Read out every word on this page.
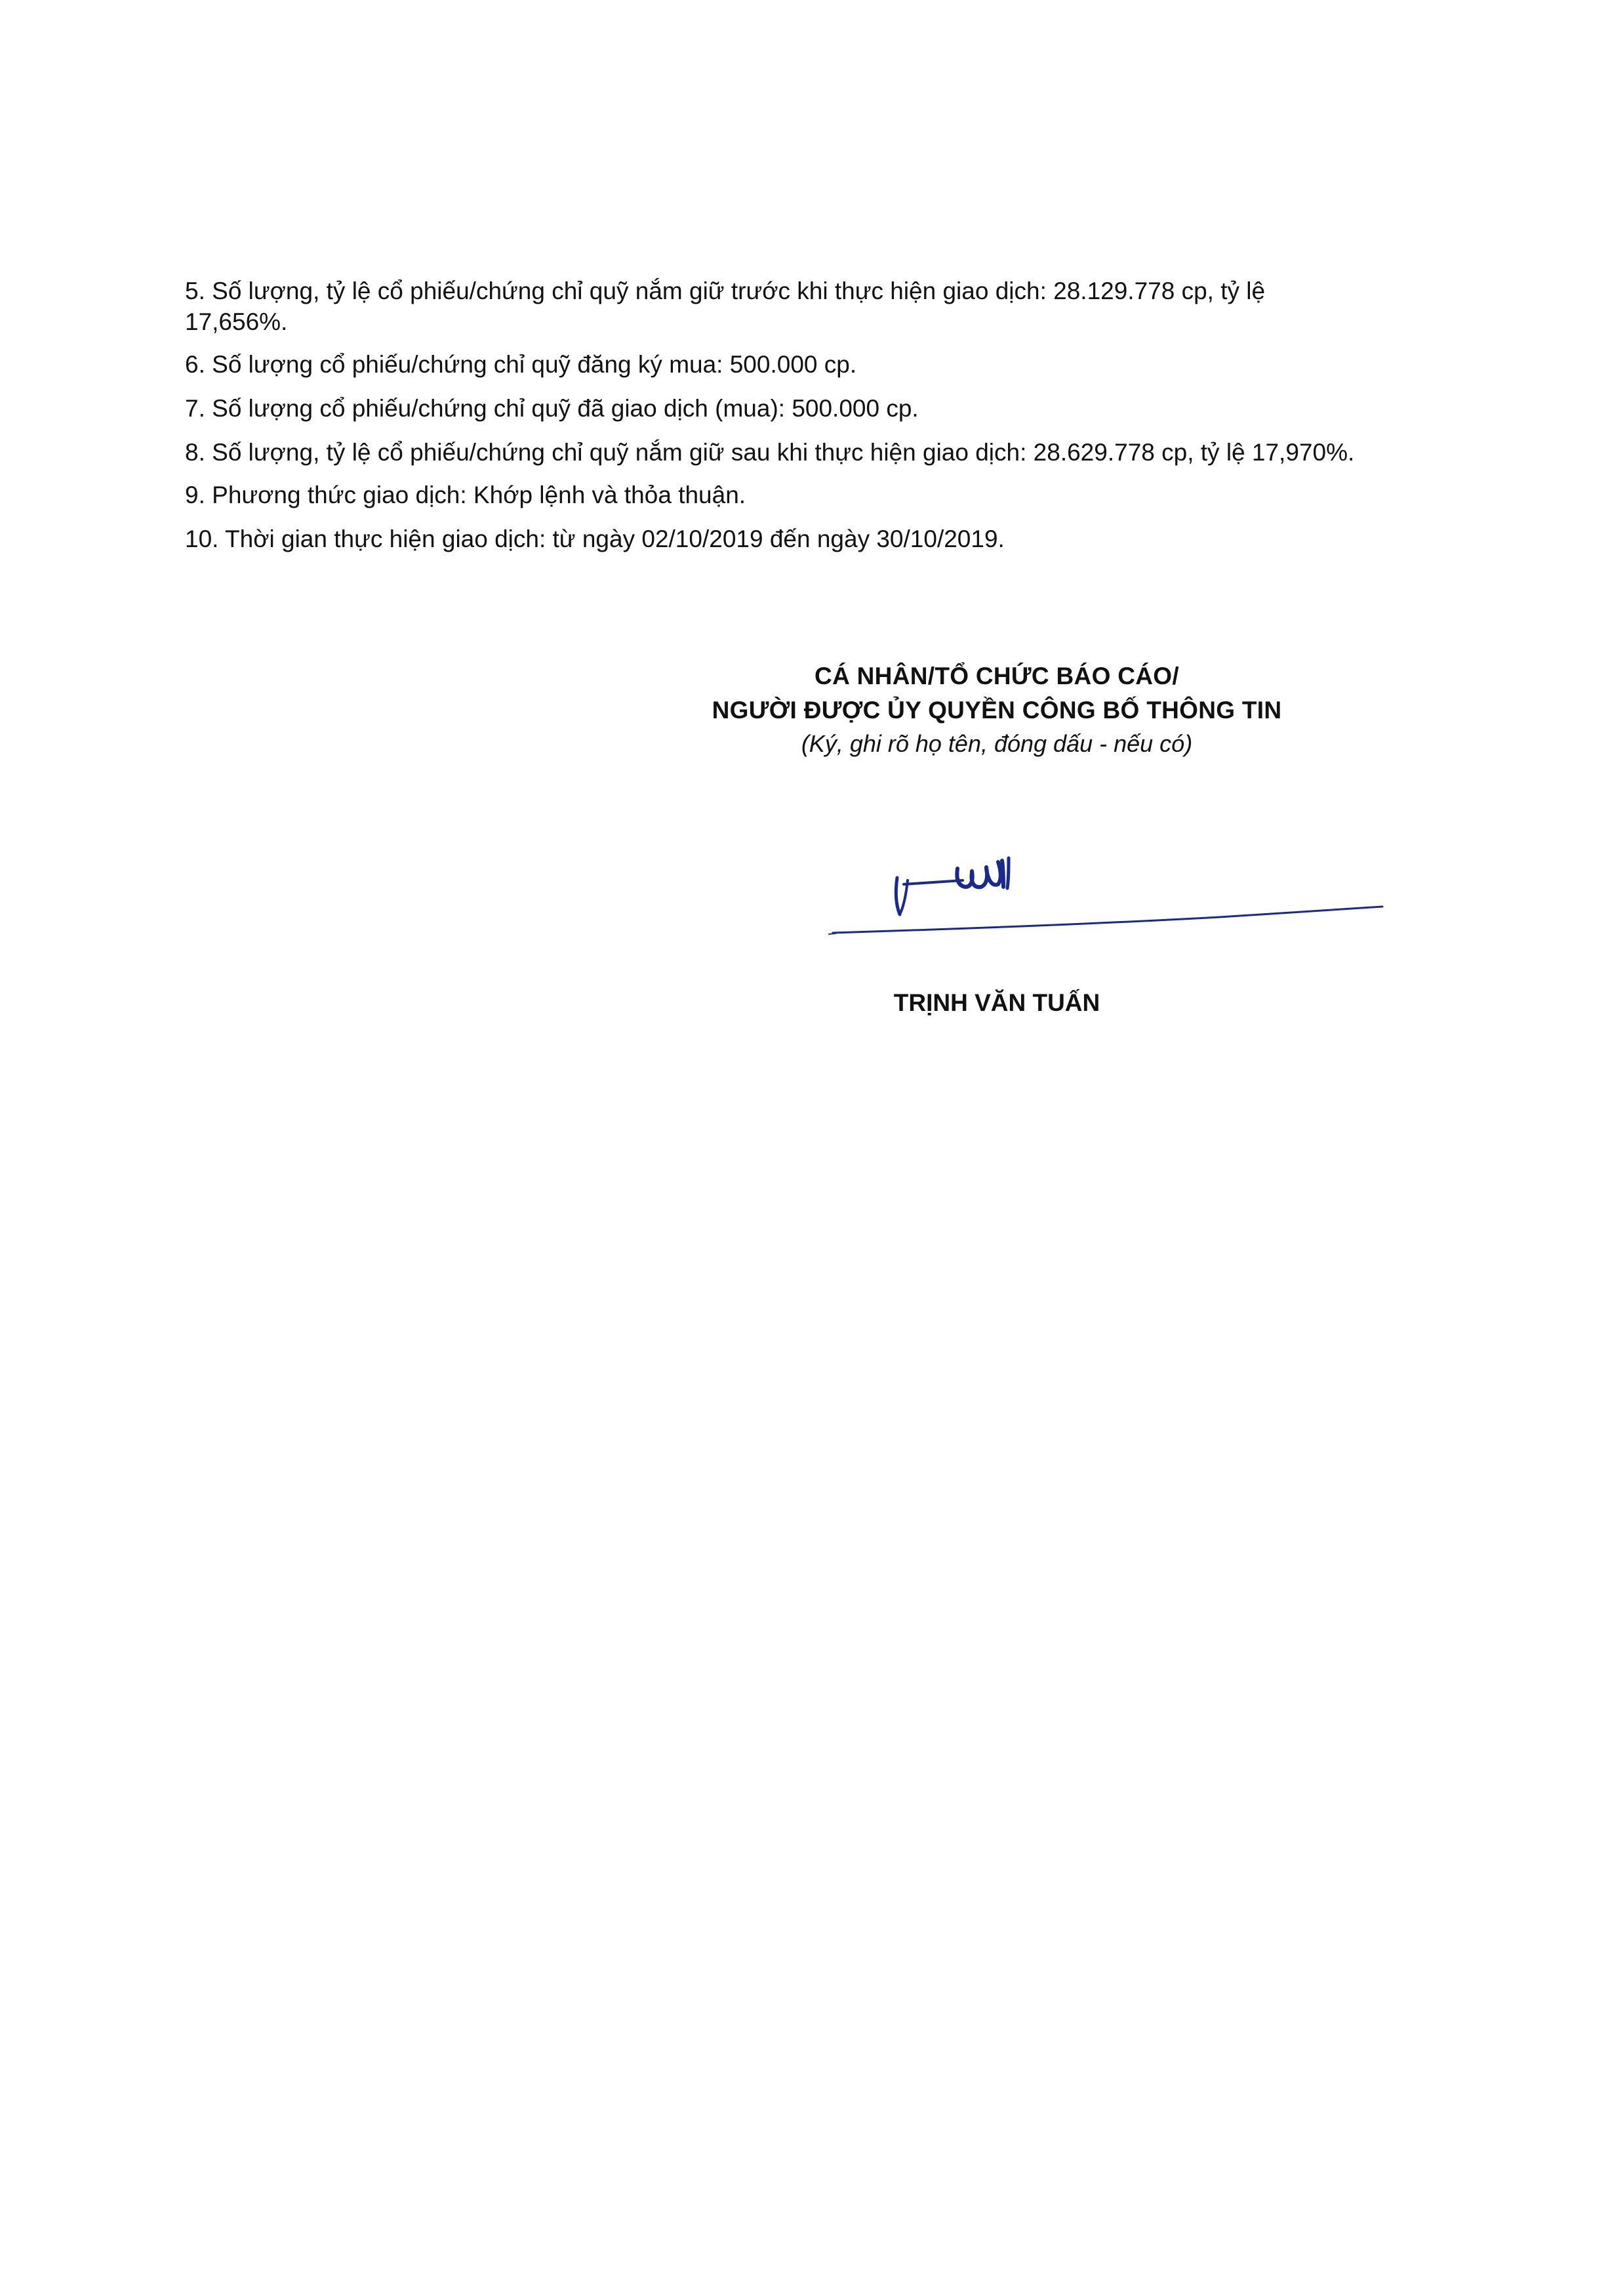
5. Số lượng, tỷ lệ cổ phiếu/chứng chỉ quỹ nắm giữ trước khi thực hiện giao dịch: 28.129.778 cp, tỷ lệ 17,656%.

6. Số lượng cổ phiếu/chứng chỉ quỹ đăng ký mua: 500.000 cp.

7. Số lượng cổ phiếu/chứng chỉ quỹ đã giao dịch (mua): 500.000 cp.

8. Số lượng, tỷ lệ cổ phiếu/chứng chỉ quỹ nắm giữ sau khi thực hiện giao dịch: 28.629.778 cp, tỷ lệ 17,970%.

9. Phương thức giao dịch: Khớp lệnh và thỏa thuận.

10. Thời gian thực hiện giao dịch: từ ngày 02/10/2019 đến ngày 30/10/2019.

CÁ NHÂN/TỔ CHỨC BÁO CÁO/
NGƯỜI ĐƯỢC ỦY QUYỀN CÔNG BỐ THÔNG TIN
(Ký, ghi rõ họ tên, đóng dấu - nếu có)
TRỊNH VĂN TUẤN
